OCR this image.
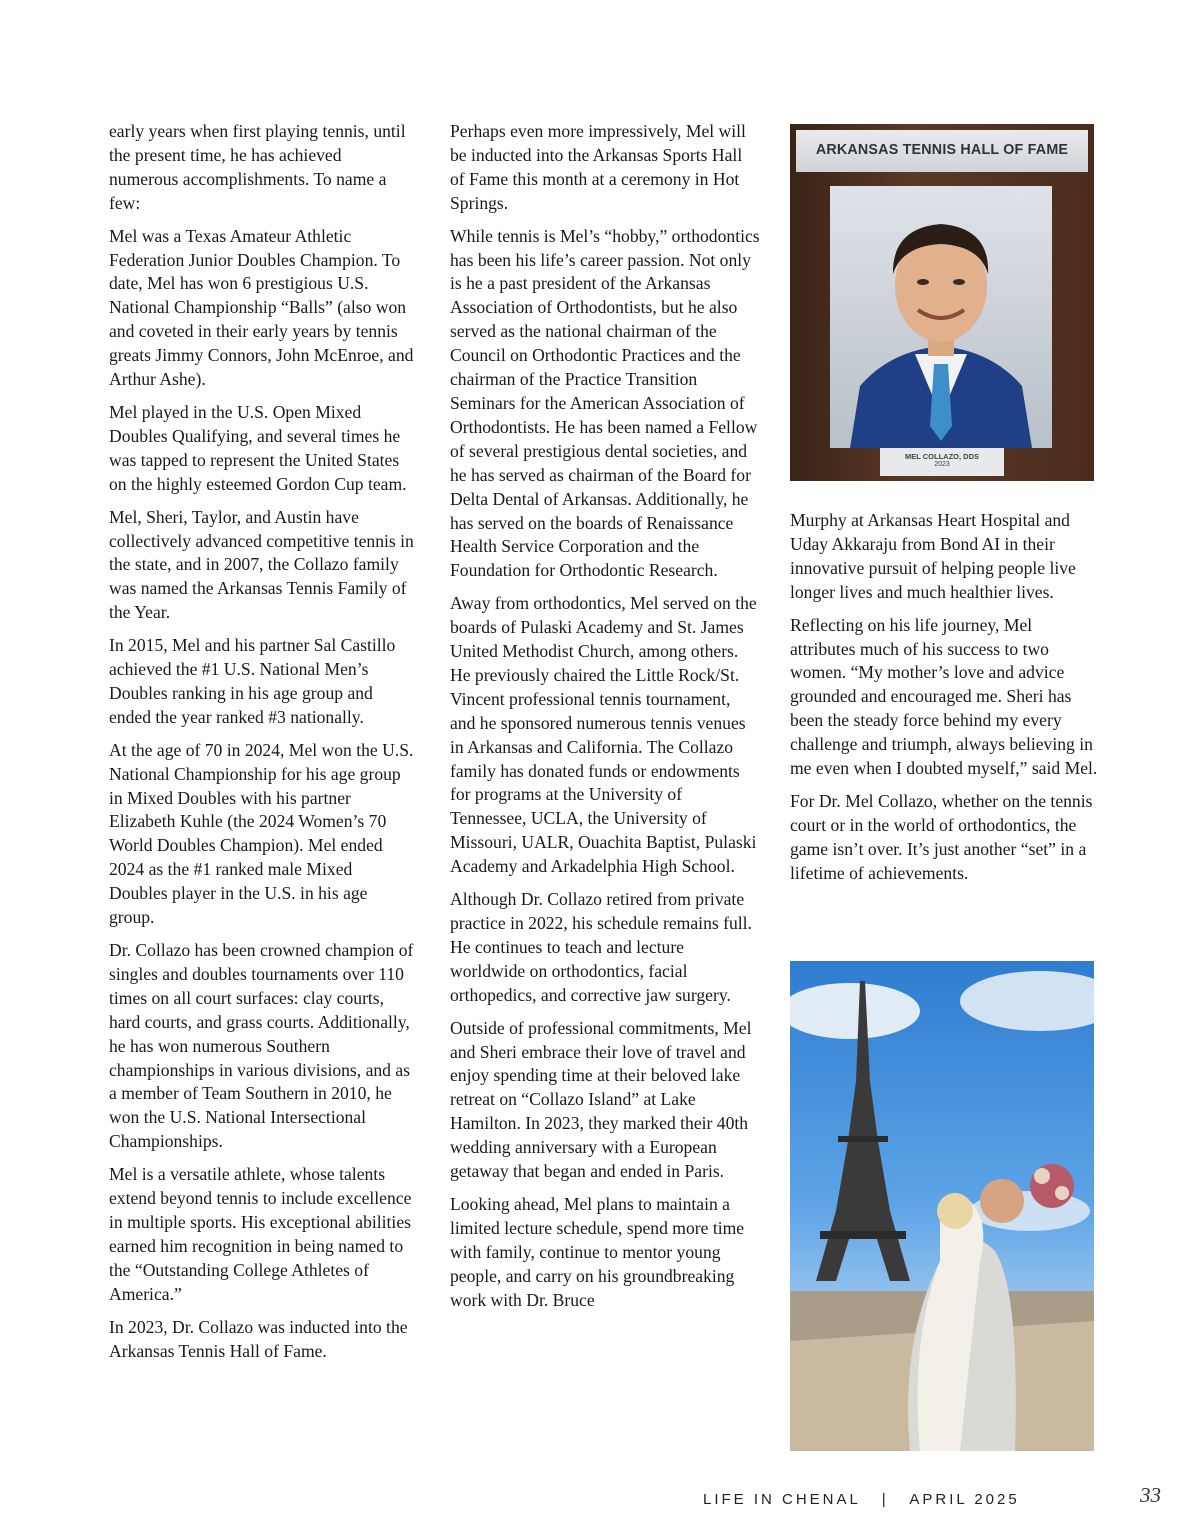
early years when first playing tennis, until the present time, he has achieved numerous accomplishments. To name a few:

Mel was a Texas Amateur Athletic Federation Junior Doubles Champion. To date, Mel has won 6 prestigious U.S. National Championship “Balls” (also won and coveted in their early years by tennis greats Jimmy Connors, John McEnroe, and Arthur Ashe).

Mel played in the U.S. Open Mixed Doubles Qualifying, and several times he was tapped to represent the United States on the highly esteemed Gordon Cup team.

Mel, Sheri, Taylor, and Austin have collectively advanced competitive tennis in the state, and in 2007, the Collazo family was named the Arkansas Tennis Family of the Year.

In 2015, Mel and his partner Sal Castillo achieved the #1 U.S. National Men’s Doubles ranking in his age group and ended the year ranked #3 nationally.

At the age of 70 in 2024, Mel won the U.S. National Championship for his age group in Mixed Doubles with his partner Elizabeth Kuhle (the 2024 Women’s 70 World Doubles Champion). Mel ended 2024 as the #1 ranked male Mixed Doubles player in the U.S. in his age group.

Dr. Collazo has been crowned champion of singles and doubles tournaments over 110 times on all court surfaces: clay courts, hard courts, and grass courts. Additionally, he has won numerous Southern championships in various divisions, and as a member of Team Southern in 2010, he won the U.S. National Intersectional Championships.

Mel is a versatile athlete, whose talents extend beyond tennis to include excellence in multiple sports. His exceptional abilities earned him recognition in being named to the “Outstanding College Athletes of America.”

In 2023, Dr. Collazo was inducted into the Arkansas Tennis Hall of Fame.

Perhaps even more impressively, Mel will be inducted into the Arkansas Sports Hall of Fame this month at a ceremony in Hot Springs.

While tennis is Mel’s “hobby,” orthodontics has been his life’s career passion. Not only is he a past president of the Arkansas Association of Orthodontists, but he also served as the national chairman of the Council on Orthodontic Practices and the chairman of the Practice Transition Seminars for the American Association of Orthodontists. He has been named a Fellow of several prestigious dental societies, and he has served as chairman of the Board for Delta Dental of Arkansas. Additionally, he has served on the boards of Renaissance Health Service Corporation and the Foundation for Orthodontic Research.

Away from orthodontics, Mel served on the boards of Pulaski Academy and St. James United Methodist Church, among others. He previously chaired the Little Rock/St. Vincent professional tennis tournament, and he sponsored numerous tennis venues in Arkansas and California. The Collazo family has donated funds or endowments for programs at the University of Tennessee, UCLA, the University of Missouri, UALR, Ouachita Baptist, Pulaski Academy and Arkadelphia High School.

Although Dr. Collazo retired from private practice in 2022, his schedule remains full. He continues to teach and lecture worldwide on orthodontics, facial orthopedics, and corrective jaw surgery.

Outside of professional commitments, Mel and Sheri embrace their love of travel and enjoy spending time at their beloved lake retreat on “Collazo Island” at Lake Hamilton. In 2023, they marked their 40th wedding anniversary with a European getaway that began and ended in Paris.

Looking ahead, Mel plans to maintain a limited lecture schedule, spend more time with family, continue to mentor young people, and carry on his groundbreaking work with Dr. Bruce

ARKANSAS TENNIS HALL OF FAME
MEL COLLAZO, DDS
2023

Murphy at Arkansas Heart Hospital and Uday Akkaraju from Bond AI in their innovative pursuit of helping people live longer lives and much healthier lives.

Reflecting on his life journey, Mel attributes much of his success to two women. “My mother’s love and advice grounded and encouraged me. Sheri has been the steady force behind my every challenge and triumph, always believing in me even when I doubted myself,” said Mel.

For Dr. Mel Collazo, whether on the tennis court or in the world of orthodontics, the game isn’t over. It’s just another “set” in a lifetime of achievements.

LIFE IN CHENAL   |   APRIL 2025	33
